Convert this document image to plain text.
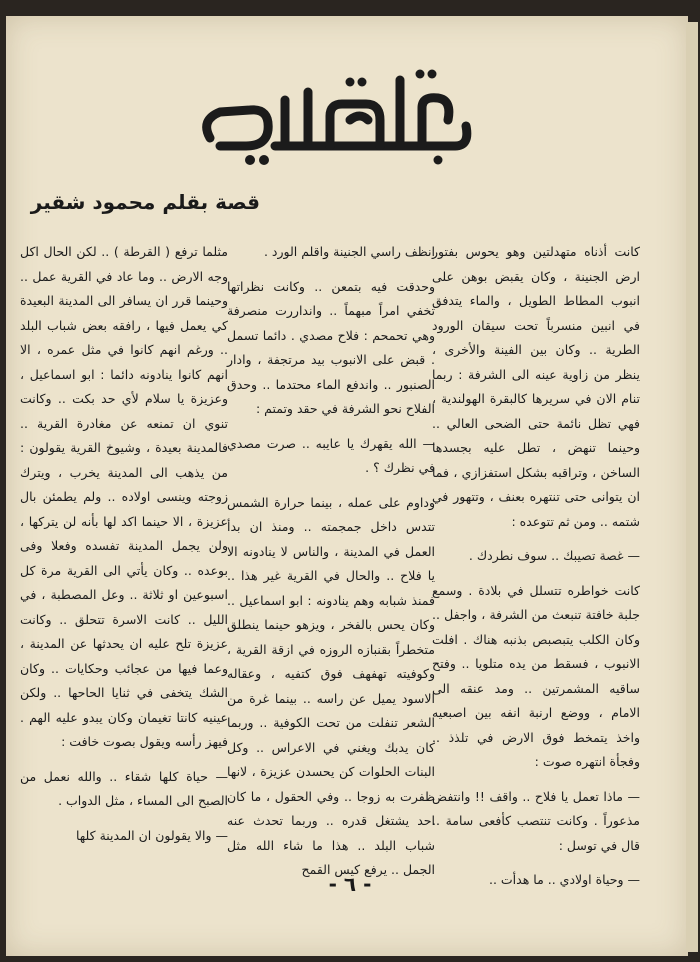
بقرة البستاني
قصة بقلم محمود شقير

كانت أذناه متهدلتين وهو يحوس بفتور ارض الجنينة ، وكان يقبض بوهن على انبوب المطاط الطويل ، والماء يتدفق في انبين منسرباً تحت سيقان الورود الطرية .. وكان بين الفينة والأخرى ، ينظر من زاوية عينه الى الشرفة : ربما تنام الان في سريرها كالبقرة الهولندية ، فهي تظل نائمة حتى الضحى العالي .. وحينما تنهض ، تطل عليه بجسدها الساخن ، وتراقبه بشكل استفزازي ، فما ان يتوانى حتى تنتهره بعنف ، وتتهور في شتمه .. ومن ثم تتوعده :

— غصة تصيبك .. سوف نطردك .

كانت خواطره تتسلل في بلادة . وسمع جلبة خافتة تنبعث من الشرفة ، واجفل .. وكان الكلب يتبصبص بذنبه هناك . افلت الانبوب ، فسقط من يده متلويا .. وفتح ساقيه المشمرتين .. ومد عنقه الى الامام ، ووضع ارنبة انفه بين اصبعيه واخذ يتمخط فوق الارض في تلذذ .. وفجأة انتهره صوت :

— ماذا تعمل يا فلاح .. واقف !! وانتفض مذعوراً . وكانت تنتصب كأفعى سامة .. قال في توسل :

— وحياة اولادي .. ما هدأت ..

انظف راسي الجنينة واقلم الورد .

وحدقت فيه بتمعن .. وكانت نظراتها تخفي امراً مبهماً .. وانداررت منصرفة وهي تحمحم : فلاح مصدي . دائما تسمل . قبض على الانبوب بيد مرتجفة ، وادار الصنبور .. واندفع الماء محتدما .. وحدق الفلاح نحو الشرفة في حقد وتمتم :

— الله يقهرك يا عايبه .. صرت مصدي في نظرك ؟ .

وداوم على عمله ، بينما حرارة الشمس تتدس داخل جمجمته .. ومنذ ان بدأ العمل في المدينة ، والناس لا ينادونه الا يا فلاح .. والحال في القرية غير هذا .. فمنذ شبابه وهم ينادونه : ابو اسماعيل .. وكان يحس بالفخر ، ويزهو حينما ينطلق متخطراً بقنبازه الروزه في ازقة القرية ، وكوفيته تهفهف فوق كتفيه ، وعقاله الاسود يميل عن راسه .. بينما غرة من الشعر تنفلت من تحت الكوفية .. وربما كان يدبك ويغني في الاعراس .. وكل البنات الحلوات كن يحسدن عزيزة ، لانها ظفرت به زوجا .. وفي الحقول ، ما كان احد يشتغل قدره .. وربما تحدث عنه شباب البلد .. هذا ما شاء الله مثل الجمل .. يرفع كيس القمح

مثلما ترفع ( القرطة ) .. لكن الحال اكل وجه الارض .. وما عاد في القرية عمل .. وحينما قرر ان يسافر الى المدينة البعيدة كي يعمل فيها ، رافقه بعض شباب البلد .. ورغم انهم كانوا في مثل عمره ، الا انهم كانوا ينادونه دائما : ابو اسماعيل ، وعزيزة يا سلام لأي حد بكت .. وكانت تنوي ان تمنعه عن مغادرة القرية .. فالمدينة بعيدة ، وشيوخ القرية يقولون : من يذهب الى المدينة يخرب ، ويترك زوجته وينسى اولاده .. ولم يطمئن بال عزيزة ، الا حينما اكد لها بأنه لن يتركها ، ولن يجمل المدينة تفسده وفعلا وفى بوعده .. وكان يأتي الى القرية مرة كل اسبوعين او ثلاثة .. وعل المصطبة ، في الليل .. كانت الاسرة تتحلق .. وكانت عزيزة تلح عليه ان يحدثها عن المدينة ، وعما فيها من عجائب وحكايات .. وكان الشك يتخفى في ثنايا الحاحها .. ولكن عينيه كانتا تغيمان وكان يبدو عليه الهم . فيهز رأسه ويقول بصوت خافت :

— حياة كلها شقاء .. والله نعمل من الصبح الى المساء ، مثل الدواب .

— والا يقولون ان المدينة كلها

- ٦ -
